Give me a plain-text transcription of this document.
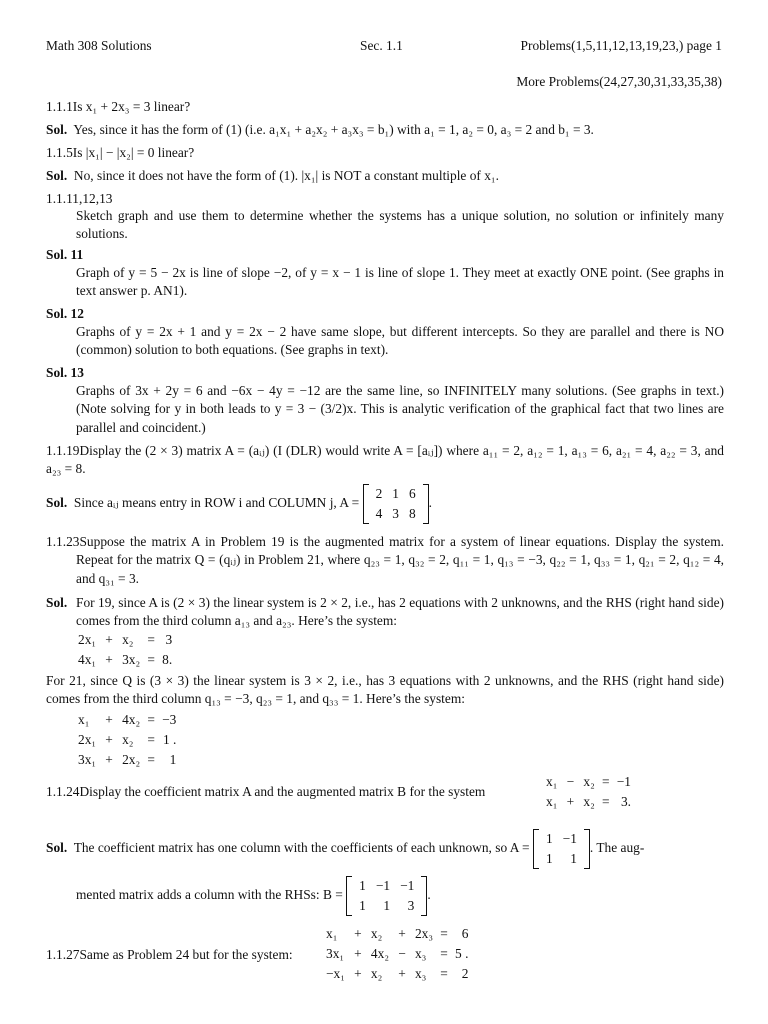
Math 308 Solutions	Sec. 1.1	Problems(1,5,11,12,13,19,23,) page 1
More Problems(24,27,30,31,33,35,38)
1.1.1Is x₁ + 2x₃ = 3 linear?
Sol. Yes, since it has the form of (1) (i.e. a₁x₁ + a₂x₂ + a₃x₃ = b₁) with a₁ = 1, a₂ = 0, a₃ = 2 and b₁ = 3.
1.1.5Is |x₁| − |x₂| = 0 linear?
Sol. No, since it does not have the form of (1). |x₁| is NOT a constant multiple of x₁.
1.1.11,12,13
Sketch graph and use them to determine whether the systems has a unique solution, no solution or infinitely many solutions.
Sol. 11
Graph of y = 5 − 2x is line of slope −2, of y = x − 1 is line of slope 1. They meet at exactly ONE point. (See graphs in text answer p. AN1).
Sol. 12
Graphs of y = 2x + 1 and y = 2x − 2 have same slope, but different intercepts. So they are parallel and there is NO (common) solution to both equations. (See graphs in text).
Sol. 13
Graphs of 3x + 2y = 6 and −6x − 4y = −12 are the same line, so INFINITELY many solutions. (See graphs in text.) (Note solving for y in both leads to y = 3 − (3/2)x. This is analytic verification of the graphical fact that two lines are parallel and coincident.)
1.1.19Display the (2 × 3) matrix A = (aᵢⱼ) (I (DLR) would write A = [aᵢⱼ]) where a₁₁ = 2, a₁₂ = 1, a₁₃ = 6, a₂₁ = 4, a₂₂ = 3, and a₂₃ = 8.
Sol. Since aᵢⱼ means entry in ROW i and COLUMN j, A =
2	1	6
4	3	8
.
1.1.23Suppose the matrix A in Problem 19 is the augmented matrix for a system of linear equations. Display the system. Repeat for the matrix Q = (qᵢⱼ) in Problem 21, where q₂₃ = 1, q₃₂ = 2, q₁₁ = 1, q₁₃ = −3, q₂₂ = 1, q₃₃ = 1, q₂₁ = 2, q₁₂ = 4, and q₃₁ = 3.
Sol. For 19, since A is (2 × 3) the linear system is 2 × 2, i.e., has 2 equations with 2 unknowns, and the RHS (right hand side) comes from the third column a₁₃ and a₂₃. Here’s the system:
2x₁	+	x₂	=	3
4x₁	+	3x₂	=	8.
For 21, since Q is (3 × 3) the linear system is 3 × 2, i.e., has 3 equations with 2 unknowns, and the RHS (right hand side) comes from the third column q₁₃ = −3, q₂₃ = 1, and q₃₃ = 1. Here’s the system:
x₁	+	4x₂	=	−3
2x₁	+	x₂	=	1 .
3x₁	+	2x₂	=	1
1.1.24Display the coefficient matrix A and the augmented matrix B for the system
x₁	−	x₂	=	−1
x₁	+	x₂	=	3.
Sol. The coefficient matrix has one column with the coefficients of each unknown, so A =
1	−1
1	1
. The aug-
mented matrix adds a column with the RHSs: B =
1	−1	−1
1	1	3
.
1.1.27Same as Problem 24 but for the system:
x₁	+	x₂	+	2x₃	=	6
3x₁	+	4x₂	−	x₃	=	5 .
−x₁	+	x₂	+	x₃	=	2
